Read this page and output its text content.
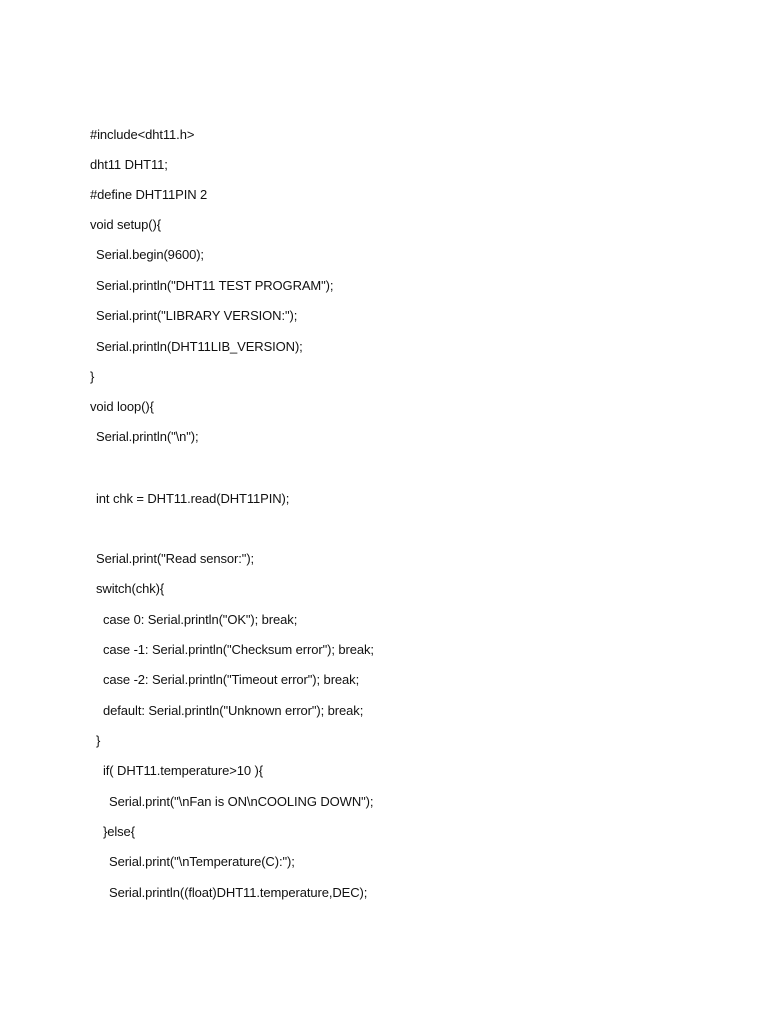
#include<dht11.h>
dht11 DHT11;
#define DHT11PIN 2
void setup(){
Serial.begin(9600);
Serial.println("DHT11 TEST PROGRAM");
Serial.print("LIBRARY VERSION:");
Serial.println(DHT11LIB_VERSION);
}
void loop(){
Serial.println("\n");
int chk = DHT11.read(DHT11PIN);
Serial.print("Read sensor:");
switch(chk){
case 0: Serial.println("OK"); break;
case -1: Serial.println("Checksum error"); break;
case -2: Serial.println("Timeout error"); break;
default: Serial.println("Unknown error"); break;
}
if( DHT11.temperature>10 ){
Serial.print("\nFan is ON\nCOOLING DOWN");
}else{
Serial.print("\nTemperature(C):");
Serial.println((float)DHT11.temperature,DEC);
